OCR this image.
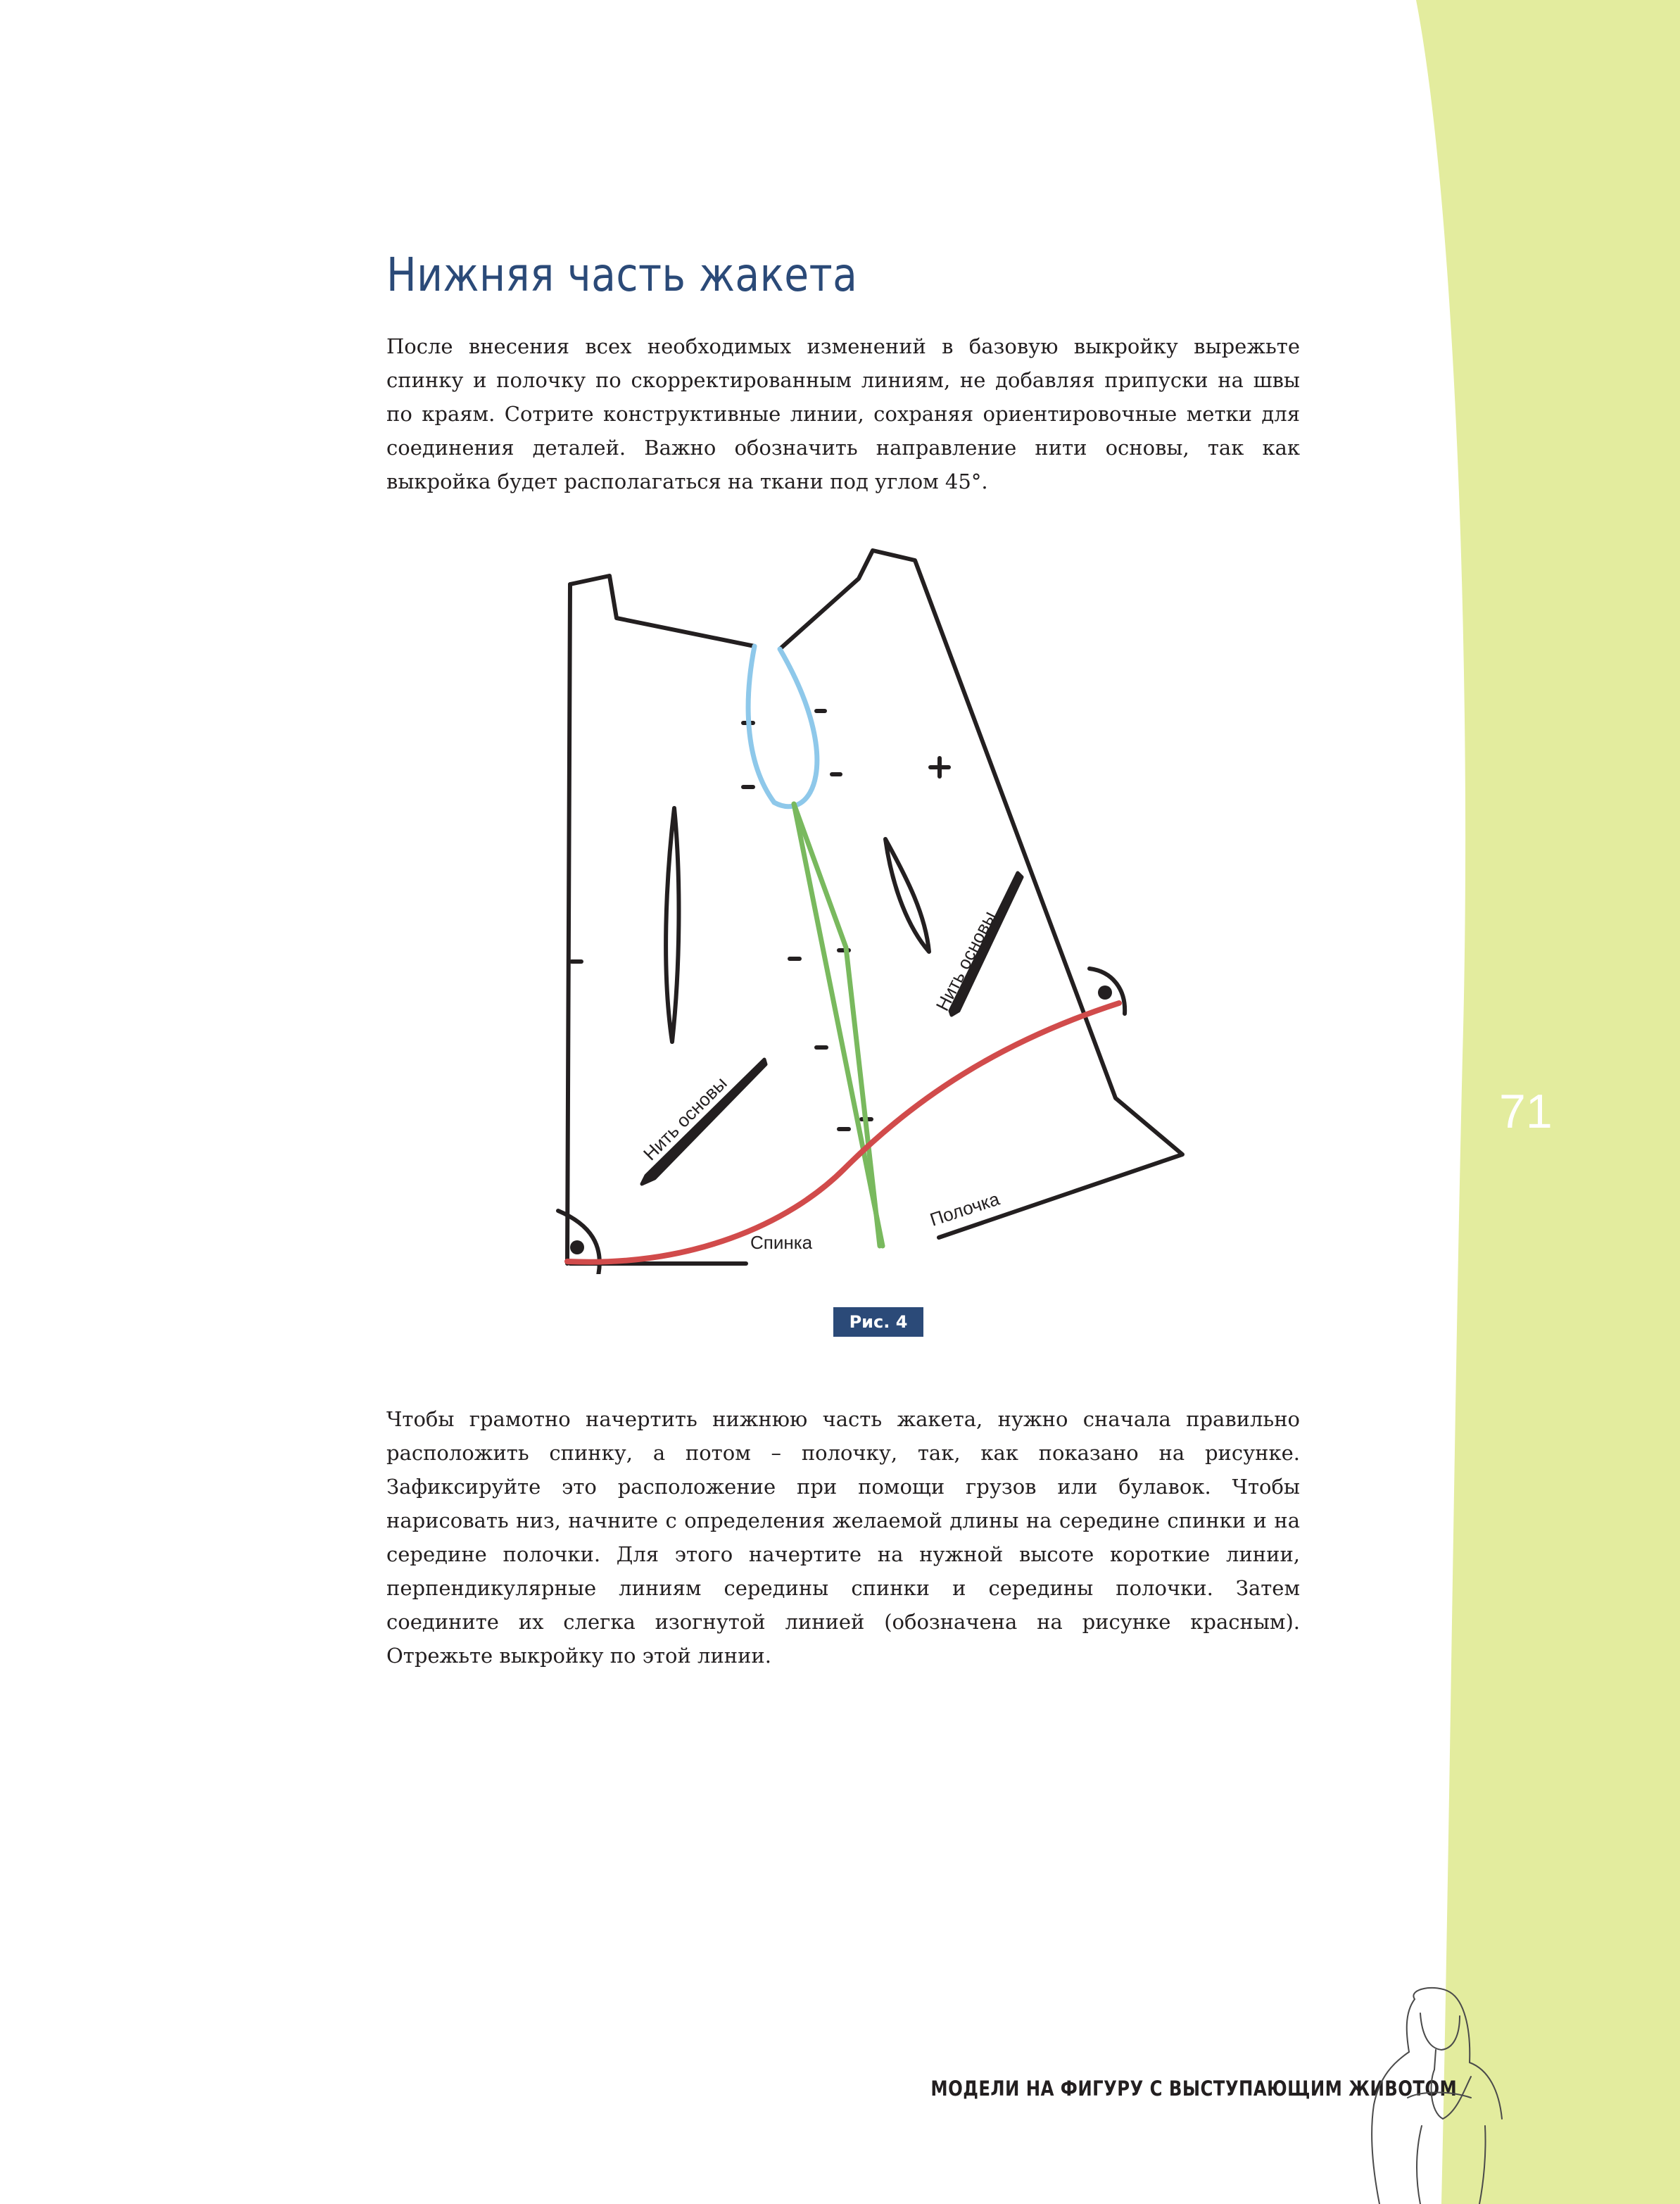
71
Нижняя часть жакета

После внесения всех необходимых изменений в базовую выкройку вырежьте спинку и полочку по скорректированным линиям, не добавляя припуски на швы по краям. Сотрите конструктивные линии, сохраняя ориентировочные метки для соединения деталей. Важно обозначить направление нити основы, так как выкройка будет располагаться на ткани под углом 45°.

Спинка
Полочка
Нить основы
Нить основы
Рис. 4

Чтобы грамотно начертить нижнюю часть жакета, нужно сначала правильно расположить спинку, а потом – полочку, так, как показано на рисунке. Зафиксируйте это расположение при помощи грузов или булавок. Чтобы нарисовать низ, начните с определения желаемой длины на середине спинки и на середине полочки. Для этого начертите на нужной высоте короткие линии, перпендикулярные линиям середины спинки и середины полочки. Затем соедините их слегка изогнутой линией (обозначена на рисунке красным). Отрежьте выкройку по этой линии.

МОДЕЛИ НА ФИГУРУ С ВЫСТУПАЮЩИМ ЖИВОТОМ
